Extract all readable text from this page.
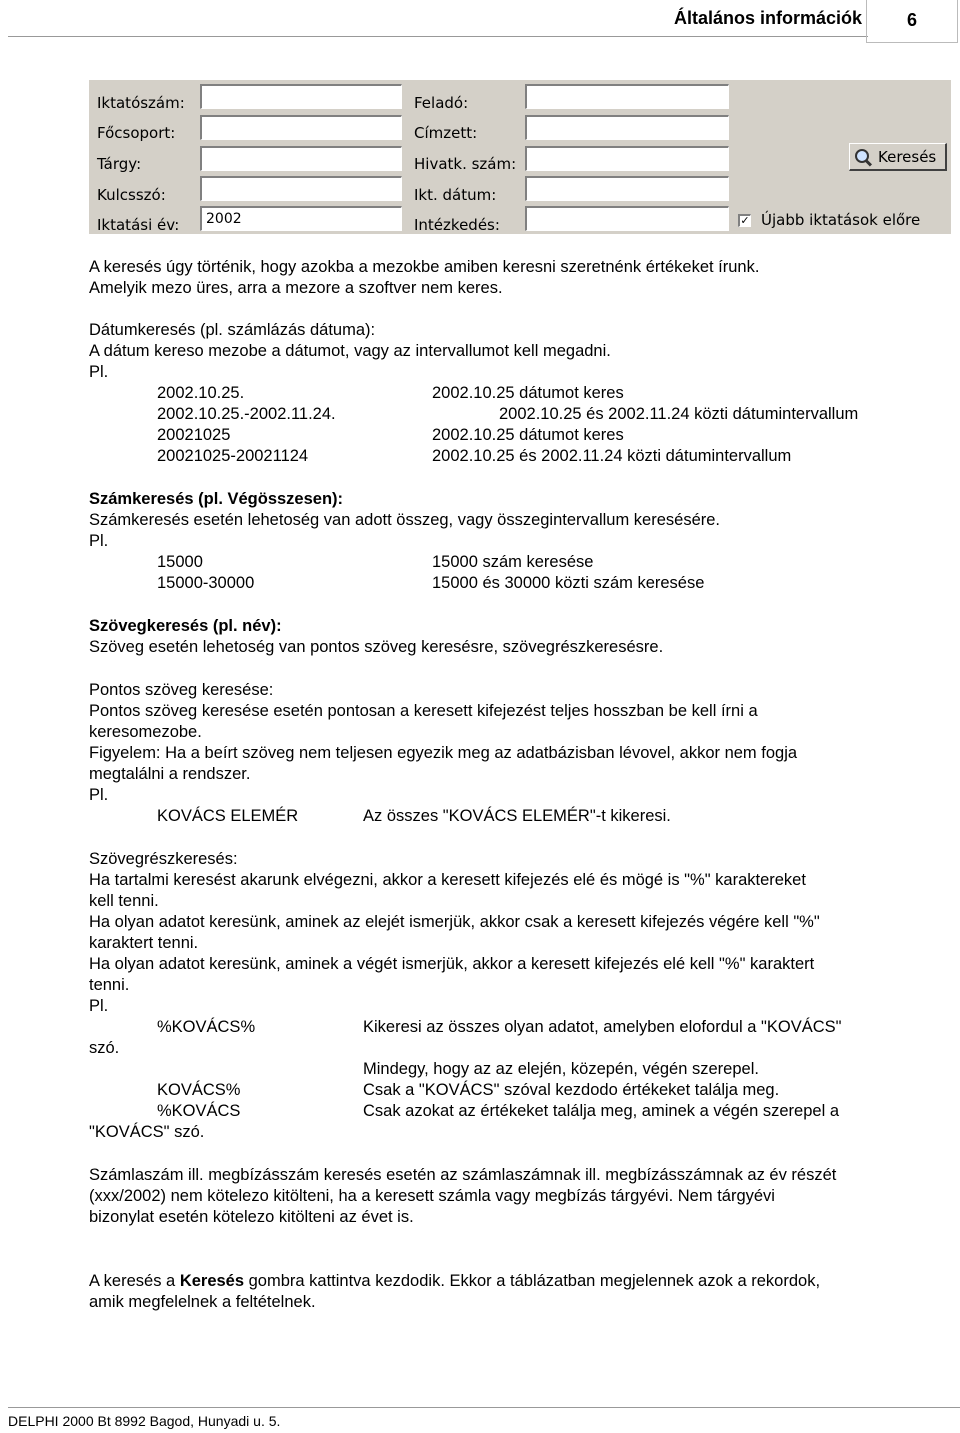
Általános információk	6
Iktatószám:
Főcsoport:
Tárgy:
Kulcsszó:
Iktatási év:	2002
Feladó:
Címzett:
Hivatk. szám:
Ikt. dátum:
Intézkedés:
Keresés
✓ Újabb iktatások előre
A keresés úgy történik, hogy azokba a mezokbe amiben keresni szeretnénk értékeket írunk.
Amelyik mezo üres, arra a mezore a szoftver nem keres.
Dátumkeresés (pl. számlázás dátuma):
A dátum kereso mezobe a dátumot, vagy az intervallumot kell megadni.
Pl.
2002.10.25.	2002.10.25 dátumot keres
2002.10.25.-2002.11.24.	2002.10.25 és 2002.11.24 közti dátumintervallum
20021025	2002.10.25 dátumot keres
20021025-20021124	2002.10.25 és 2002.11.24 közti dátumintervallum
Számkeresés (pl. Végösszesen):
Számkeresés esetén lehetoség van adott összeg, vagy összegintervallum keresésére.
Pl.
15000	15000 szám keresése
15000-30000	15000 és 30000 közti szám keresése
Szövegkeresés (pl. név):
Szöveg esetén lehetoség van pontos szöveg keresésre, szövegrészkeresésre.
Pontos szöveg keresése:
Pontos szöveg keresése esetén pontosan a keresett kifejezést teljes hosszban be kell írni a
keresomezobe.
Figyelem: Ha a beírt szöveg nem teljesen egyezik meg az adatbázisban lévovel, akkor nem fogja
megtalálni a rendszer.
Pl.
KOVÁCS ELEMÉR	Az összes "KOVÁCS ELEMÉR"-t kikeresi.
Szövegrészkeresés:
Ha tartalmi keresést akarunk elvégezni, akkor a keresett kifejezés elé és mögé is "%" karaktereket
kell tenni.
Ha olyan adatot keresünk, aminek az elejét ismerjük, akkor csak a keresett kifejezés végére kell "%"
karaktert tenni.
Ha olyan adatot keresünk, aminek a végét ismerjük, akkor a keresett kifejezés elé kell "%" karaktert
tenni.
Pl.
%KOVÁCS%	Kikeresi az összes olyan adatot, amelyben elofordul a "KOVÁCS"
szó.
Mindegy, hogy az az elején, közepén, végén szerepel.
KOVÁCS%	Csak a "KOVÁCS" szóval kezdodo értékeket találja meg.
%KOVÁCS	Csak azokat az értékeket találja meg, aminek a végén szerepel a
"KOVÁCS" szó.
Számlaszám ill. megbízásszám keresés esetén az számlaszámnak ill. megbízásszámnak az év részét
(xxx/2002) nem kötelezo kitölteni, ha a keresett számla vagy megbízás tárgyévi. Nem tárgyévi
bizonylat esetén kötelezo kitölteni az évet is.
A keresés a Keresés gombra kattintva kezdodik. Ekkor a táblázatban megjelennek azok a rekordok,
amik megfelelnek a feltételnek.
DELPHI 2000 Bt 8992 Bagod, Hunyadi u. 5.
